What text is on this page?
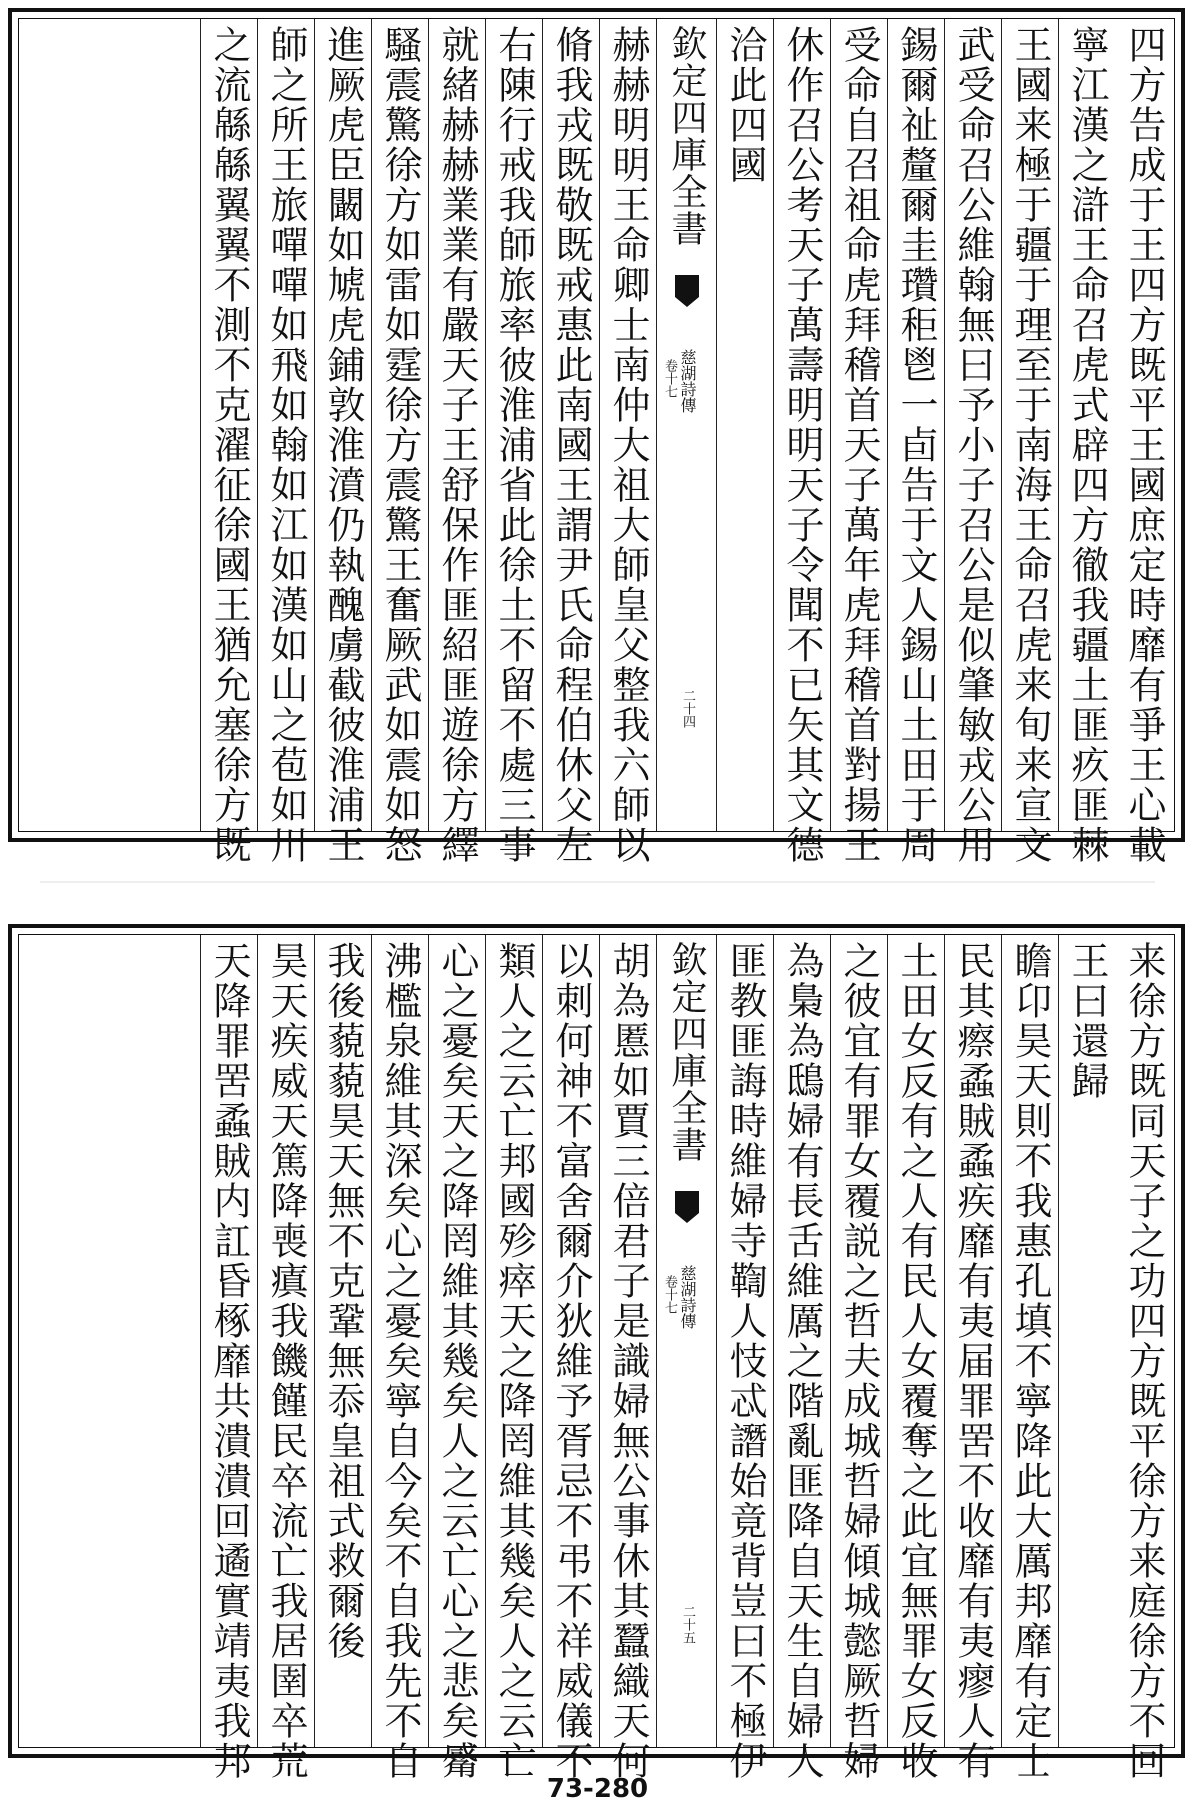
四方告成于王四方既平王國庶定時靡有爭王心載
寧江漢之滸王命召虎式辟四方徹我疆土匪疚匪棘
王國来極于疆于理至于南海王命召虎来旬来宣文
武受命召公維翰無曰予小子召公是似肇敏戎公用
錫爾祉釐爾圭瓚秬鬯一卣告于文人錫山土田于周
受命自召祖命虎拜稽首天子萬年虎拜稽首對揚王
休作召公考天子萬壽明明天子令聞不已矢其文德
洽此四國
欽定四庫全書
慈湖詩傳
卷十七
二十四
赫赫明明王命卿士南仲大祖大師皇父整我六師以
脩我戎既敬既戒惠此南國王謂尹氏命程伯休父左
右陳行戒我師旅率彼淮浦省此徐土不留不處三事
就緒赫赫業業有嚴天子王舒保作匪紹匪遊徐方繹
騷震驚徐方如雷如霆徐方震驚王奮厥武如震如怒
進厥虎臣闞如虓虎鋪敦淮濆仍執醜虜截彼淮浦王
師之所王旅嘽嘽如飛如翰如江如漢如山之苞如川
之流緜緜翼翼不測不克濯征徐國王猶允塞徐方既
来徐方既同天子之功四方既平徐方来庭徐方不回
王曰還歸
瞻卬昊天則不我惠孔填不寧降此大厲邦靡有定士
民其瘵蟊賊蟊疾靡有夷届罪罟不收靡有夷瘳人有
土田女反有之人有民人女覆奪之此宜無罪女反收
之彼宜有罪女覆説之哲夫成城哲婦傾城懿厥哲婦
為梟為鴟婦有長舌維厲之階亂匪降自天生自婦人
匪教匪誨時維婦寺鞫人忮忒譖始竟背豈曰不極伊
欽定四庫全書
慈湖詩傳
卷十七
二十五
胡為慝如賈三倍君子是識婦無公事休其蠶織天何
以刺何神不富舍爾介狄維予胥忌不弔不祥威儀不
類人之云亡邦國殄瘁天之降罔維其幾矣人之云亡
心之憂矣天之降罔維其幾矣人之云亡心之悲矣觱
沸檻泉維其深矣心之憂矣寧自今矣不自我先不自
我後藐藐昊天無不克鞏無忝皇祖式救爾後
昊天疾威天篤降喪瘨我饑饉民卒流亡我居圉卒荒
天降罪罟蟊賊内訌昏椓靡共潰潰回遹實靖夷我邦
73-280
